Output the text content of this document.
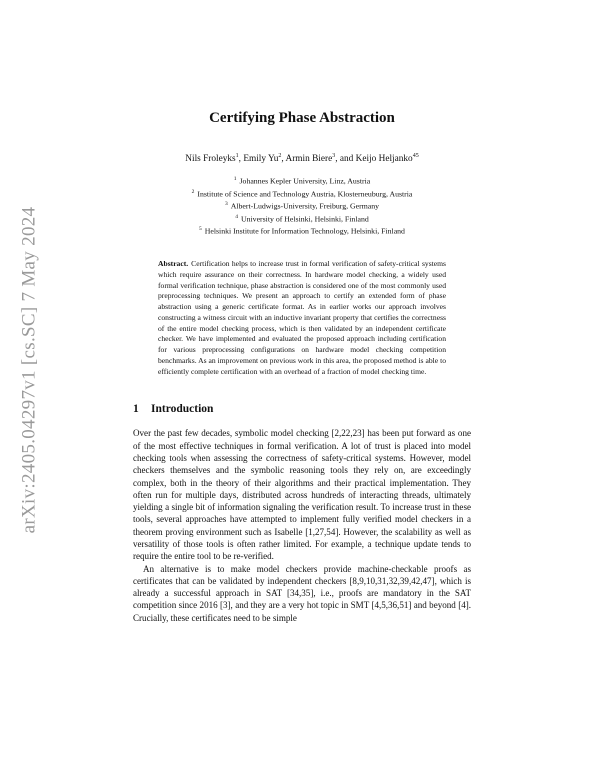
arXiv:2405.04297v1 [cs.SC] 7 May 2024
Certifying Phase Abstraction
Nils Froleyks$^1$, Emily Yu$^2$, Armin Biere$^3$, and Keijo Heljanko$^{45}$
$^1$ Johannes Kepler University, Linz, Austria
$^2$ Institute of Science and Technology Austria, Klosterneuburg, Austria
$^3$ Albert-Ludwigs-University, Freiburg, Germany
$^4$ University of Helsinki, Helsinki, Finland
$^5$ Helsinki Institute for Information Technology, Helsinki, Finland
Abstract. Certification helps to increase trust in formal verification of safety-critical systems which require assurance on their correctness. In hardware model checking, a widely used formal verification technique, phase abstraction is considered one of the most commonly used preprocessing techniques. We present an approach to certify an extended form of phase abstraction using a generic certificate format. As in earlier works our approach involves constructing a witness circuit with an inductive invariant property that certifies the correctness of the entire model checking process, which is then validated by an independent certificate checker. We have implemented and evaluated the proposed approach including certification for various preprocessing configurations on hardware model checking competition benchmarks. As an improvement on previous work in this area, the proposed method is able to efficiently complete certification with an overhead of a fraction of model checking time.
1 Introduction

Over the past few decades, symbolic model checking [2,22,23] has been put forward as one of the most effective techniques in formal verification. A lot of trust is placed into model checking tools when assessing the correctness of safety-critical systems. However, model checkers themselves and the symbolic reasoning tools they rely on, are exceedingly complex, both in the theory of their algorithms and their practical implementation. They often run for multiple days, distributed across hundreds of interacting threads, ultimately yielding a single bit of information signaling the verification result. To increase trust in these tools, several approaches have attempted to implement fully verified model checkers in a theorem proving environment such as Isabelle [1,27,54]. However, the scalability as well as versatility of those tools is often rather limited. For example, a technique update tends to require the entire tool to be re-verified.

An alternative is to make model checkers provide machine-checkable proofs as certificates that can be validated by independent checkers [8,9,10,31,32,39,42,47], which is already a successful approach in SAT [34,35], i.e., proofs are mandatory in the SAT competition since 2016 [3], and they are a very hot topic in SMT [4,5,36,51] and beyond [4]. Crucially, these certificates need to be simple
